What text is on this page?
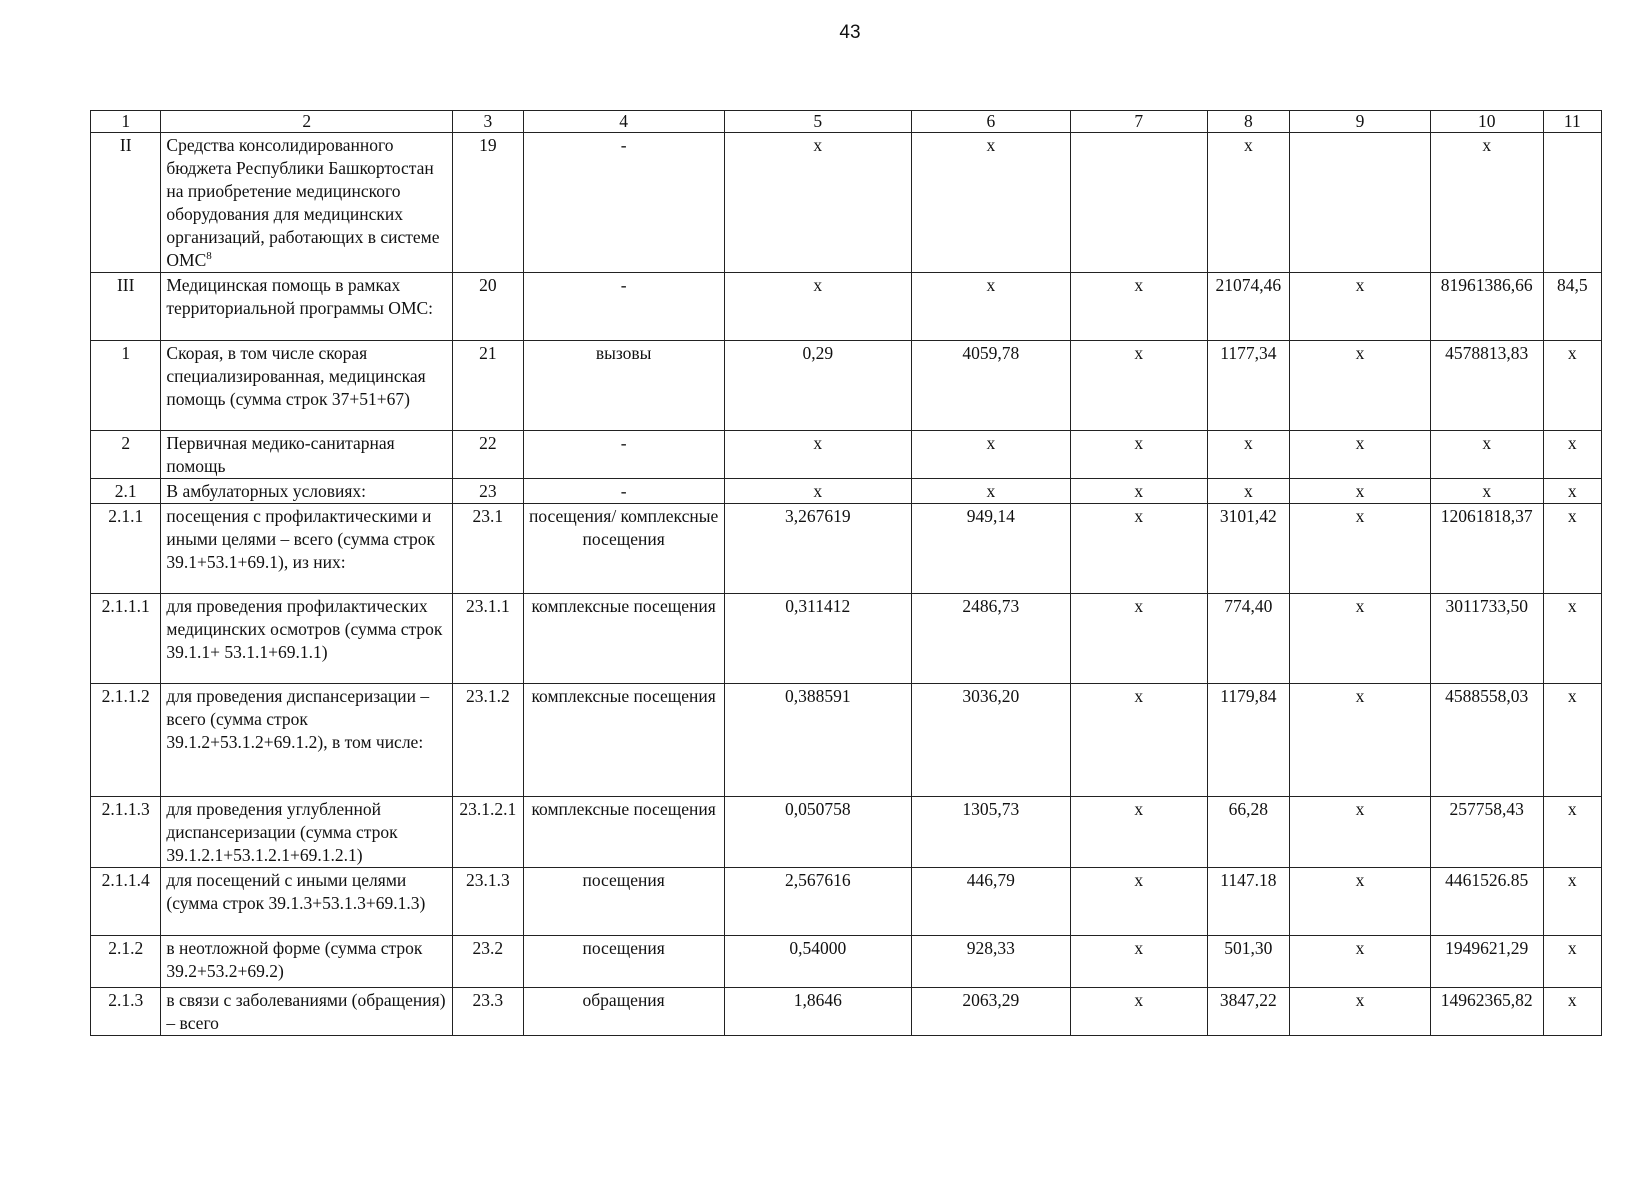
43
1	2	3	4	5	6	7	8	9	10	11
II	Средства консолидированного бюджета Республики Башкортостан на приобретение медицинского оборудования для медицинских организаций, работающих в системе ОМС$^8$	19	-	x	x		x		x	
III	Медицинская помощь в рамках территориальной программы ОМС:	20	-	x	x	x	21074,46	x	81961386,66	84,5
1	Скорая, в том числе скорая специализированная, медицинская помощь (сумма строк 37+51+67)	21	вызовы	0,29	4059,78	x	1177,34	x	4578813,83	x
2	Первичная медико-санитарная помощь	22	-	x	x	x	x	x	x	x
2.1	В амбулаторных условиях:	23	-	x	x	x	x	x	x	x
2.1.1	посещения с профилактическими и иными целями – всего (сумма строк 39.1+53.1+69.1), из них:	23.1	посещения/ комплексные посещения	3,267619	949,14	x	3101,42	x	12061818,37	x
2.1.1.1	для проведения профилактических медицинских осмотров (сумма строк 39.1.1+ 53.1.1+69.1.1)	23.1.1	комплексные посещения	0,311412	2486,73	x	774,40	x	3011733,50	x
2.1.1.2	для проведения диспансеризации – всего (сумма строк 39.1.2+53.1.2+69.1.2), в том числе:	23.1.2	комплексные посещения	0,388591	3036,20	x	1179,84	x	4588558,03	x
2.1.1.3	для проведения углубленной диспансеризации (сумма строк 39.1.2.1+53.1.2.1+69.1.2.1)	23.1.2.1	комплексные посещения	0,050758	1305,73	x	66,28	x	257758,43	x
2.1.1.4	для посещений с иными целями (сумма строк 39.1.3+53.1.3+69.1.3)	23.1.3	посещения	2,567616	446,79	x	1147.18	x	4461526.85	x
2.1.2	в неотложной форме (сумма строк 39.2+53.2+69.2)	23.2	посещения	0,54000	928,33	x	501,30	x	1949621,29	x
2.1.3	в связи с заболеваниями (обращения) – всего	23.3	обращения	1,8646	2063,29	x	3847,22	x	14962365,82	x
